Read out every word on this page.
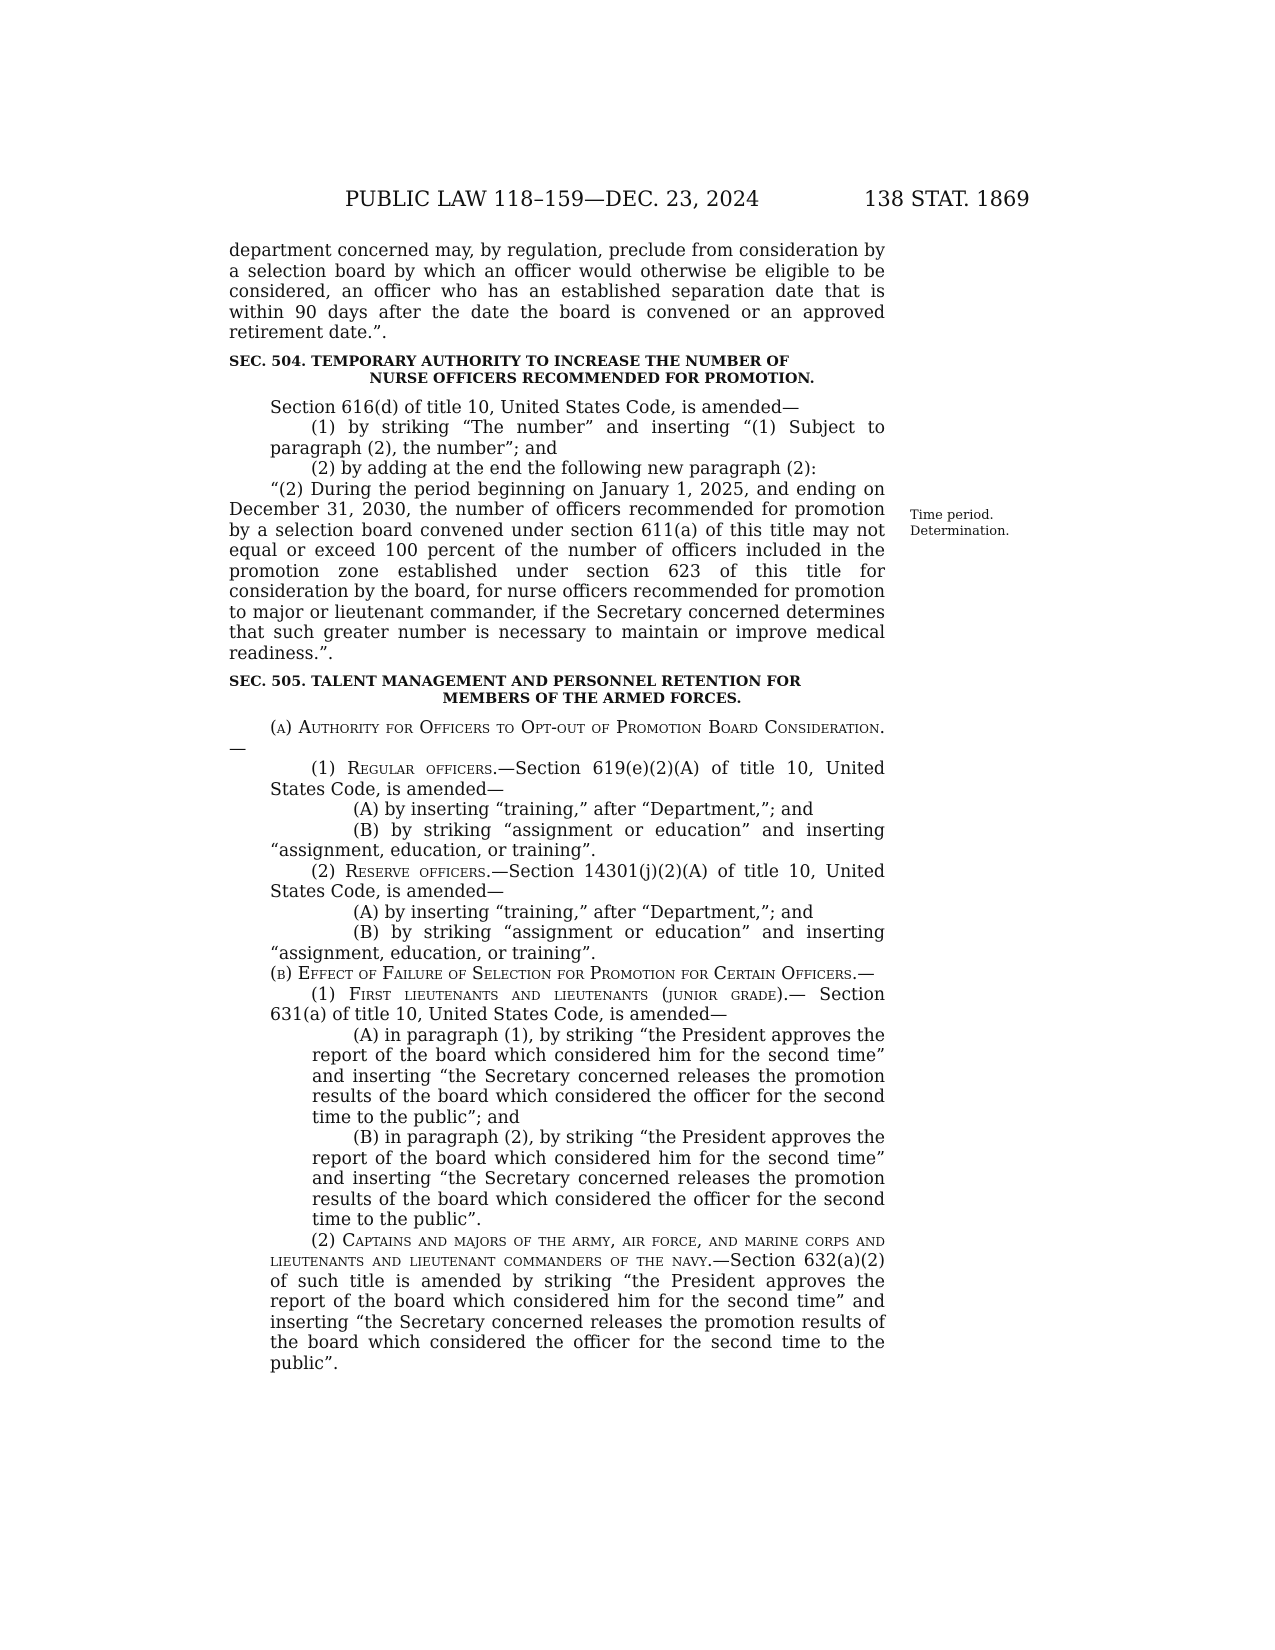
PUBLIC LAW 118–159—DEC. 23, 2024	138 STAT. 1869
Time period.
Determination.

department concerned may, by regulation, preclude from consideration by a selection board by which an officer would otherwise be eligible to be considered, an officer who has an established separation date that is within 90 days after the date the board is convened or an approved retirement date.”.

SEC. 504. TEMPORARY AUTHORITY TO INCREASE THE NUMBER OF
NURSE OFFICERS RECOMMENDED FOR PROMOTION.

Section 616(d) of title 10, United States Code, is amended—

(1) by striking “The number” and inserting “(1) Subject to paragraph (2), the number”; and

(2) by adding at the end the following new paragraph (2):

“(2) During the period beginning on January 1, 2025, and ending on December 31, 2030, the number of officers recommended for promotion by a selection board convened under section 611(a) of this title may not equal or exceed 100 percent of the number of officers included in the promotion zone established under section 623 of this title for consideration by the board, for nurse officers recommended for promotion to major or lieutenant commander, if the Secretary concerned determines that such greater number is necessary to maintain or improve medical readiness.”.

SEC. 505. TALENT MANAGEMENT AND PERSONNEL RETENTION FOR
MEMBERS OF THE ARMED FORCES.

(a) Authority for Officers to Opt-out of Promotion Board Consideration.—

(1) Regular officers.—Section 619(e)(2)(A) of title 10, United States Code, is amended—

(A) by inserting “training,” after “Department,”; and

(B) by striking “assignment or education” and inserting “assignment, education, or training”.

(2) Reserve officers.—Section 14301(j)(2)(A) of title 10, United States Code, is amended—

(A) by inserting “training,” after “Department,”; and

(B) by striking “assignment or education” and inserting “assignment, education, or training”.

(b) Effect of Failure of Selection for Promotion for Certain Officers.—

(1) First lieutenants and lieutenants (junior grade).— Section 631(a) of title 10, United States Code, is amended—

(A) in paragraph (1), by striking “the President approves the report of the board which considered him for the second time” and inserting “the Secretary concerned releases the promotion results of the board which considered the officer for the second time to the public”; and

(B) in paragraph (2), by striking “the President approves the report of the board which considered him for the second time” and inserting “the Secretary concerned releases the promotion results of the board which considered the officer for the second time to the public”.

(2) Captains and majors of the army, air force, and marine corps and lieutenants and lieutenant commanders of the navy.—Section 632(a)(2) of such title is amended by striking “the President approves the report of the board which considered him for the second time” and inserting “the Secretary concerned releases the promotion results of the board which considered the officer for the second time to the public”.
